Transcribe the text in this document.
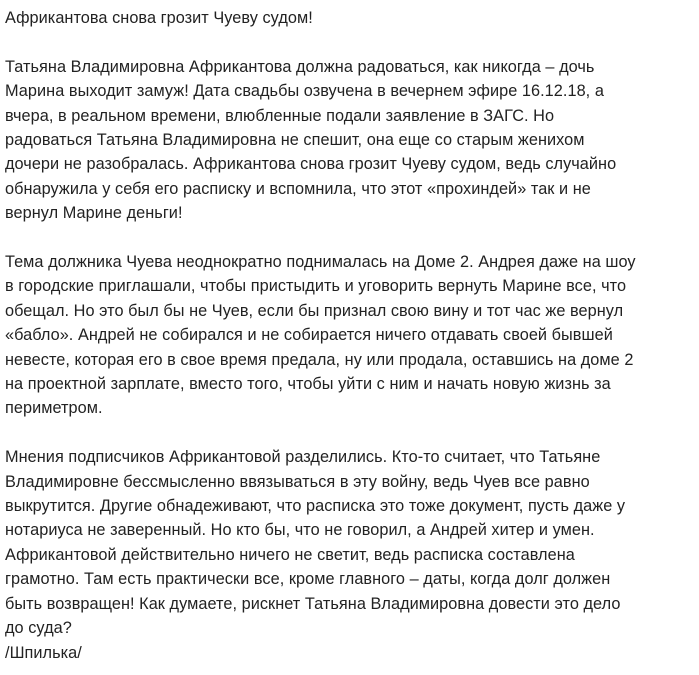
Африкантова снова грозит Чуеву судом!

Татьяна Владимировна Африкантова должна радоваться, как никогда – дочь
Марина выходит замуж! Дата свадьбы озвучена в вечернем эфире 16.12.18, а
вчера, в реальном времени, влюбленные подали заявление в ЗАГС. Но
радоваться Татьяна Владимировна не спешит, она еще со старым женихом
дочери не разобралась. Африкантова снова грозит Чуеву судом, ведь случайно
обнаружила у себя его расписку и вспомнила, что этот «прохиндей» так и не
вернул Марине деньги!

Тема должника Чуева неоднократно поднималась на Доме 2. Андрея даже на шоу
в городские приглашали, чтобы пристыдить и уговорить вернуть Марине все, что
обещал. Но это был бы не Чуев, если бы признал свою вину и тот час же вернул
«бабло». Андрей не собирался и не собирается ничего отдавать своей бывшей
невесте, которая его в свое время предала, ну или продала, оставшись на доме 2
на проектной зарплате, вместо того, чтобы уйти с ним и начать новую жизнь за
периметром.

Мнения подписчиков Африкантовой разделились. Кто-то считает, что Татьяне
Владимировне бессмысленно ввязываться в эту войну, ведь Чуев все равно
выкрутится. Другие обнадеживают, что расписка это тоже документ, пусть даже у
нотариуса не заверенный. Но кто бы, что не говорил, а Андрей хитер и умен.
Африкантовой действительно ничего не светит, ведь расписка составлена
грамотно. Там есть практически все, кроме главного – даты, когда долг должен
быть возвращен! Как думаете, рискнет Татьяна Владимировна довести это дело
до суда?

/Шпилька/
